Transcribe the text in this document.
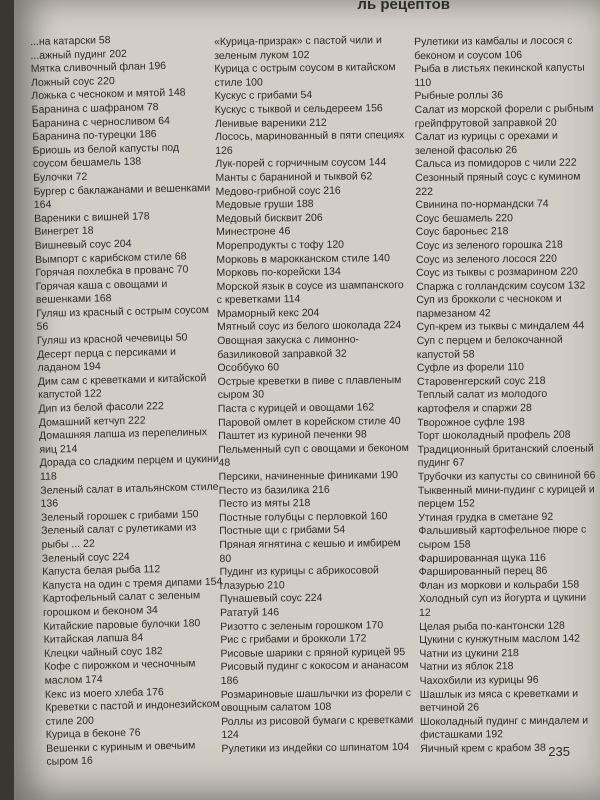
ль рецептов
...на катарски 58
...ажный пудинг 202
Мятка сливочный флан 196
Ложный соус 220
Ложька с чесноком и мятой 148
Баранина с шафраном 78
Баранина с черносливом 64
Баранина по-турецки 186
Бриошь из белой капусты под соусом бешамель 138
Булочки 72
Бургер с баклажанами и вешенками 164
Вареники с вишней 178
Винегрет 18
Вишневый соус 204
Вымпорт с карибском стиле 68
Горячая похлебка в прованс 70
Горячая каша с овощами и вешенками 168
Гуляш из красный с острым соусом 56
Гуляш из красной чечевицы 50
Десерт перца с персиками и ладаном 194
Дим сам с креветками и китайской капустой 122
Дип из белой фасоли 222
Домашний кетчуп 222
Домашняя лапша из перепелиных яиц 214
Дорада со сладким перцем и цукини 118
Зеленый салат в итальянском стиле 136
Зеленый горошек с грибами 150
Зеленый салат с рулетиками из рыбы ... 22
Зеленый соус 224
Капуста белая рыба 112
Капуста на один с тремя дипами 154
Картофельный салат с зеленым горошком и беконом 34
Китайские паровые булочки 180
Китайская лапша 84
Клецки чайный соус 182
Кофе с пирожком и чесночным маслом 174
Кекс из моего хлеба 176
Креветки с пастой и индонезийском стиле 200
Курица в беконе 76
Вешенки с куриным и овечьим сыром 16
«Курица-призрак» с пастой чили и зеленым луком 102
Курица с острым соусом в китайском стиле 100
Кускус с грибами 54
Кускус с тыквой и сельдереем 156
Ленивые вареники 212
Лосось, маринованный в пяти специях 126
Лук-порей с горчичным соусом 144
Манты с бараниной и тыквой 62
Медово-грибной соус 216
Медовые груши 188
Медовый бисквит 206
Минестроне 46
Морепродукты с тофу 120
Морковь в марокканском стиле 140
Морковь по-корейски 134
Морской язык в соусе из шампанского с креветками 114
Мраморный кекс 204
Мятный соус из белого шоколада 224
Овощная закуска с лимонно-базиликовой заправкой 32
Особбуко 60
Острые креветки в пиве с плавленым сыром 30
Паста с курицей и овощами 162
Паровой омлет в корейском стиле 40
Паштет из куриной печенки 98
Пельменный суп с овощами и беконом 48
Персики, начиненные финиками 190
Песто из базилика 216
Песто из мяты 218
Постные голубцы с перловкой 160
Постные щи с грибами 54
Пряная ягнятина с кешью и имбирем 80
Пудинг из курицы с абрикосовой глазурью 210
Пунашевый соус 224
Рататуй 146
Ризотто с зеленым горошком 170
Рис с грибами и брокколи 172
Рисовые шарики с пряной курицей 95
Рисовый пудинг с кокосом и ананасом 186
Розмариновые шашлычки из форели с овощным салатом 108
Роллы из рисовой бумаги с креветками 124
Рулетики из индейки со шпинатом 104
Рулетики из камбалы и лосося с беконом и соусом 106
Рыба в листьях пекинской капусты 110
Рыбные роллы 36
Салат из морской форели с рыбным грейпфрутовой заправкой 20
Салат из курицы с орехами и зеленой фасолью 26
Сальса из помидоров с чили 222
Сезонный пряный соус с кумином 222
Свинина по-нормандски 74
Соус бешамель 220
Соус бароньес 218
Соус из зеленого горошка 218
Соус из зеленого лосося 220
Соус из тыквы с розмарином 220
Спаржа с голландским соусом 132
Суп из брокколи с чесноком и пармезаном 42
Суп-крем из тыквы с миндалем 44
Суп с перцем и белокочанной капустой 58
Суфле из форели 110
Старовенгерский соус 218
Теплый салат из молодого картофеля и спаржи 28
Творожное суфле 198
Торт шоколадный профель 208
Традиционный британский слоеный пудинг 67
Трубочки из капусты со свининой 66
Тыквенный мини-пудинг с курицей и перцем 152
Утиная грудка в сметане 92
Фальшивый картофельное пюре с сыром 158
Фаршированная щука 116
Фаршированный перец 86
Флан из моркови и кольраби 158
Холодный суп из йогурта и цукини 12
Целая рыба по-кантонски 128
Цукини с кунжутным маслом 142
Чатни из цукини 218
Чатни из яблок 218
Чахохбили из курицы 96
Шашлык из мяса с креветками и ветчиной 26
Шоколадный пудинг с миндалем и фисташками 192
Яичный крем с крабом 38 235
